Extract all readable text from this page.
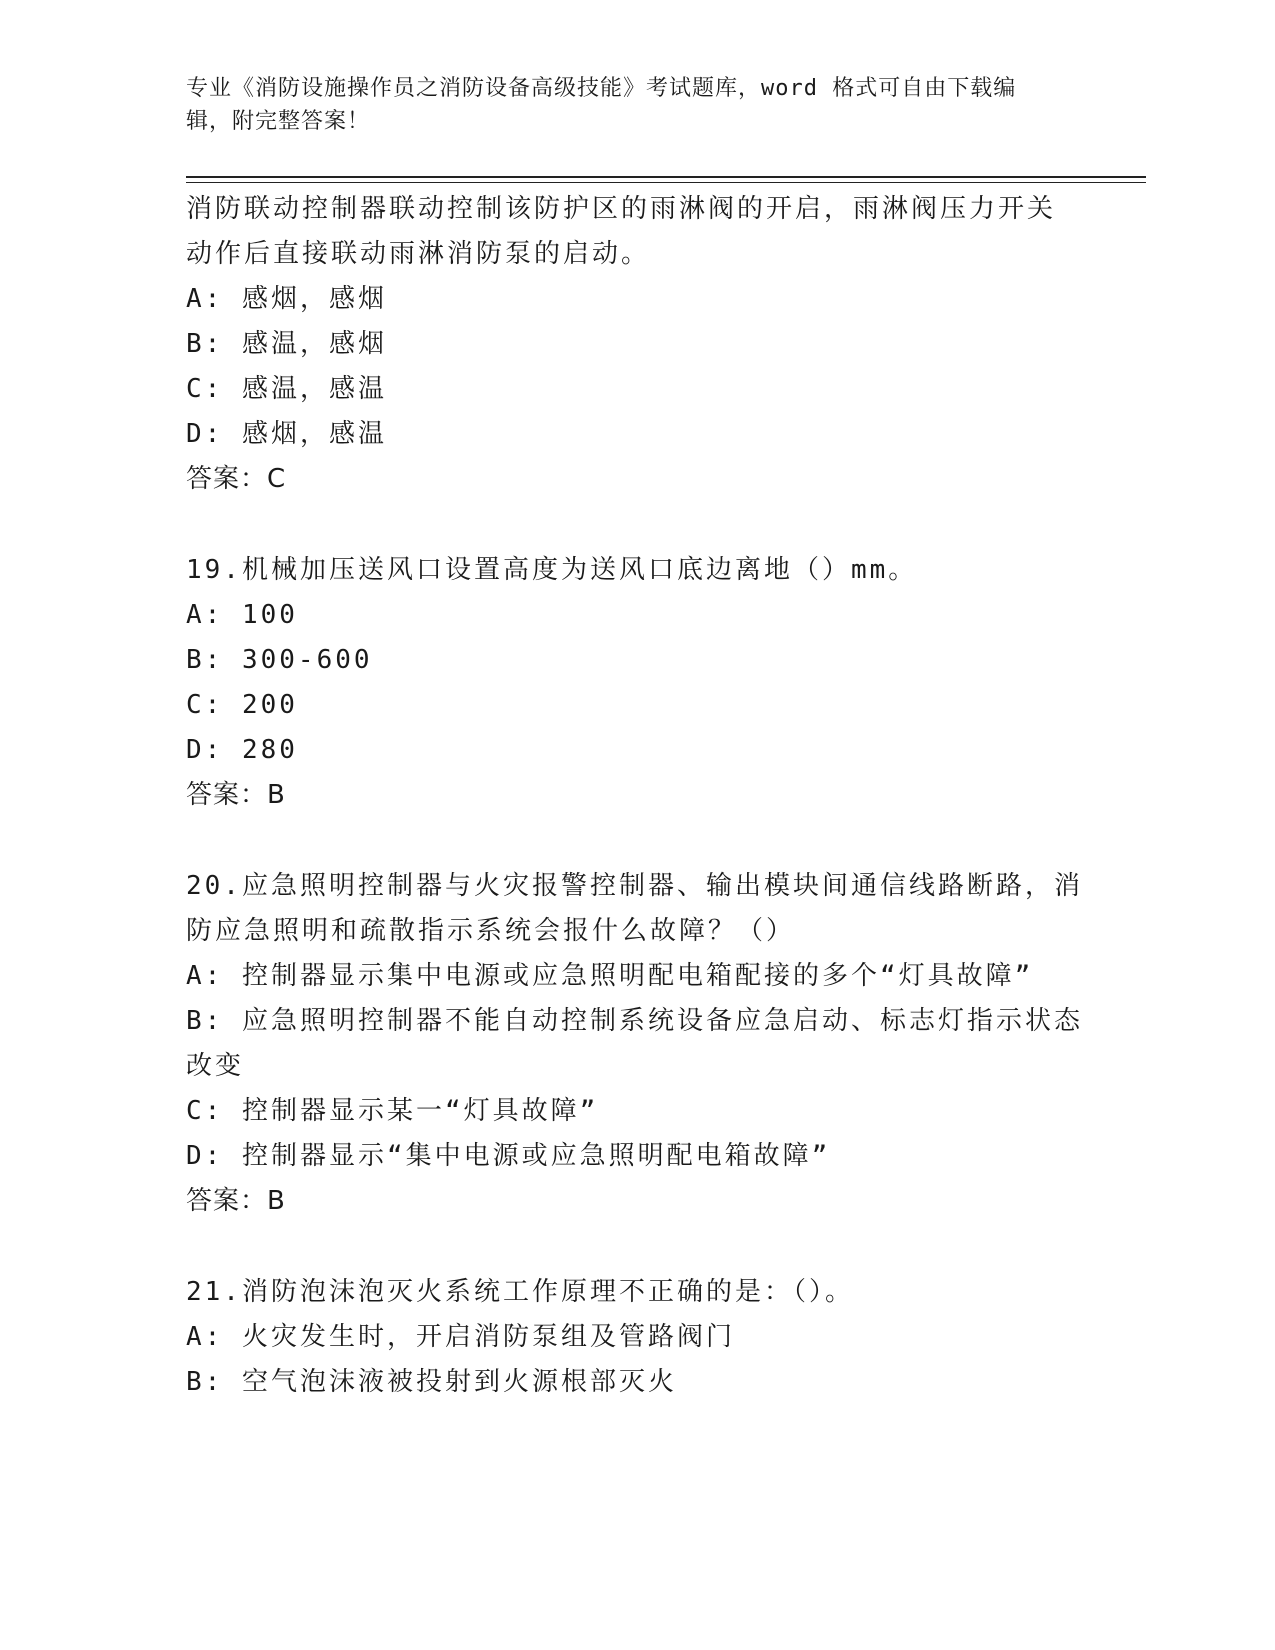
专业《消防设施操作员之消防设备高级技能》考试题库，word 格式可自由下载编
辑，附完整答案！
消防联动控制器联动控制该防护区的雨淋阀的开启，雨淋阀压力开关
动作后直接联动雨淋消防泵的启动。
A: 感烟，感烟
B: 感温，感烟
C: 感温，感温
D: 感烟，感温
答案：C
19.机械加压送风口设置高度为送风口底边离地（）mm。
A: 100
B: 300-600
C: 200
D: 280
答案：B
20.应急照明控制器与火灾报警控制器、输出模块间通信线路断路，消
防应急照明和疏散指示系统会报什么故障？（）
A: 控制器显示集中电源或应急照明配电箱配接的多个“灯具故障”
B: 应急照明控制器不能自动控制系统设备应急启动、标志灯指示状态
改变
C: 控制器显示某一“灯具故障”
D: 控制器显示“集中电源或应急照明配电箱故障”
答案：B
21.消防泡沫泡灭火系统工作原理不正确的是：（）。
A: 火灾发生时，开启消防泵组及管路阀门
B: 空气泡沫液被投射到火源根部灭火
